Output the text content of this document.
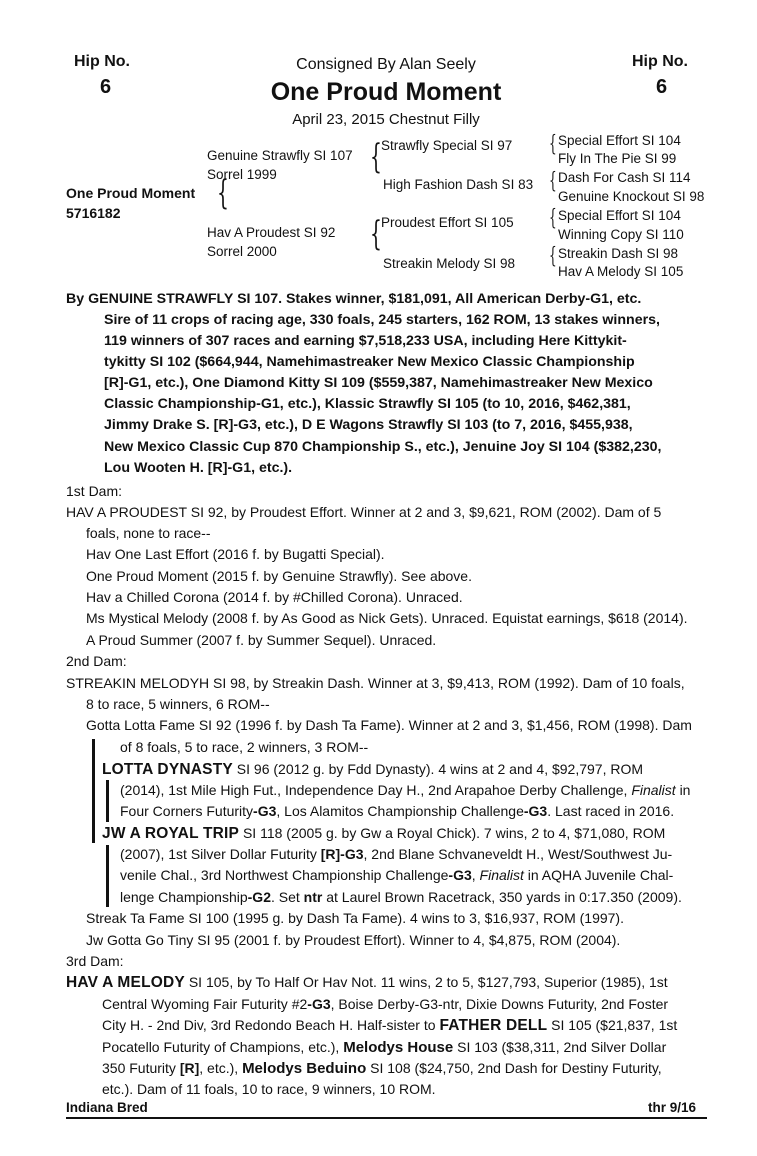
Hip No.
6
Hip No.
6
Consigned By Alan Seely
One Proud Moment
April 23, 2015 Chestnut Filly
One Proud Moment
5716182	{
Genuine Strawfly SI 107
Sorrel 1999
Hav A Proudest SI 92
Sorrel 2000
{
{
Strawfly Special SI 97
High Fashion Dash SI 83
Proudest Effort SI 105
Streakin Melody SI 98
{
{
{
{
Special Effort SI 104
Fly In The Pie SI 99
Dash For Cash SI 114
Genuine Knockout SI 98
Special Effort SI 104
Winning Copy SI 110
Streakin Dash SI 98
Hav A Melody SI 105
By GENUINE STRAWFLY SI 107. Stakes winner, $181,091, All American Derby-G1, etc.
Sire of 11 crops of racing age, 330 foals, 245 starters, 162 ROM, 13 stakes winners,
119 winners of 307 races and earning $7,518,233 USA, including Here Kittykit-
tykitty SI 102 ($664,944, Namehimastreaker New Mexico Classic Championship
[R]-G1, etc.), One Diamond Kitty SI 109 ($559,387, Namehimastreaker New Mexico
Classic Championship-G1, etc.), Klassic Strawfly SI 105 (to 10, 2016, $462,381,
Jimmy Drake S. [R]-G3, etc.), D E Wagons Strawfly SI 103 (to 7, 2016, $455,938,
New Mexico Classic Cup 870 Championship S., etc.), Jenuine Joy SI 104 ($382,230,
Lou Wooten H. [R]-G1, etc.).
1st Dam:
HAV A PROUDEST SI 92, by Proudest Effort. Winner at 2 and 3, $9,621, ROM (2002). Dam of 5
foals, none to race--
Hav One Last Effort (2016 f. by Bugatti Special).
One Proud Moment (2015 f. by Genuine Strawfly). See above.
Hav a Chilled Corona (2014 f. by #Chilled Corona). Unraced.
Ms Mystical Melody (2008 f. by As Good as Nick Gets). Unraced. Equistat earnings, $618 (2014).
A Proud Summer (2007 f. by Summer Sequel). Unraced.
2nd Dam:
STREAKIN MELODYH SI 98, by Streakin Dash. Winner at 3, $9,413, ROM (1992). Dam of 10 foals,
8 to race, 5 winners, 6 ROM--
Gotta Lotta Fame SI 92 (1996 f. by Dash Ta Fame). Winner at 2 and 3, $1,456, ROM (1998). Dam
of 8 foals, 5 to race, 2 winners, 3 ROM--
LOTTA DYNASTY SI 96 (2012 g. by Fdd Dynasty). 4 wins at 2 and 4, $92,797, ROM
(2014), 1st Mile High Fut., Independence Day H., 2nd Arapahoe Derby Challenge, Finalist in
Four Corners Futurity-G3, Los Alamitos Championship Challenge-G3. Last raced in 2016.
JW A ROYAL TRIP SI 118 (2005 g. by Gw a Royal Chick). 7 wins, 2 to 4, $71,080, ROM
(2007), 1st Silver Dollar Futurity [R]-G3, 2nd Blane Schvaneveldt H., West/Southwest Ju-
venile Chal., 3rd Northwest Championship Challenge-G3, Finalist in AQHA Juvenile Chal-
lenge Championship-G2. Set ntr at Laurel Brown Racetrack, 350 yards in 0:17.350 (2009).
Streak Ta Fame SI 100 (1995 g. by Dash Ta Fame). 4 wins to 3, $16,937, ROM (1997).
Jw Gotta Go Tiny SI 95 (2001 f. by Proudest Effort). Winner to 4, $4,875, ROM (2004).
3rd Dam:
HAV A MELODY SI 105, by To Half Or Hav Not. 11 wins, 2 to 5, $127,793, Superior (1985), 1st
Central Wyoming Fair Futurity #2-G3, Boise Derby-G3-ntr, Dixie Downs Futurity, 2nd Foster
City H. - 2nd Div, 3rd Redondo Beach H. Half-sister to FATHER DELL SI 105 ($21,837, 1st
Pocatello Futurity of Champions, etc.), Melodys House SI 103 ($38,311, 2nd Silver Dollar
350 Futurity [R], etc.), Melodys Beduino SI 108 ($24,750, 2nd Dash for Destiny Futurity,
etc.). Dam of 11 foals, 10 to race, 9 winners, 10 ROM.
Indiana Bred	thr 9/16
